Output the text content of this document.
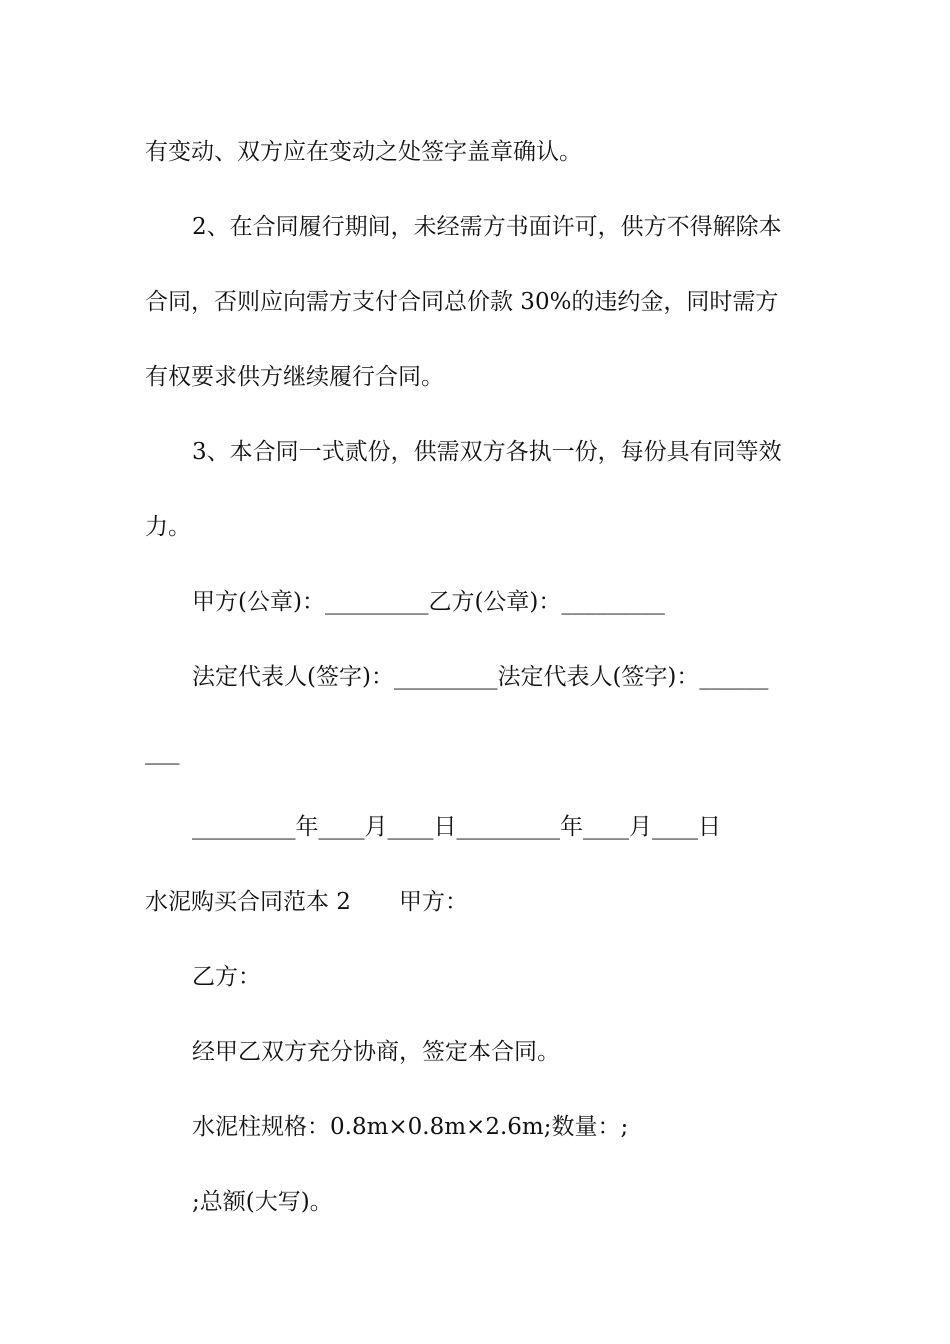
有变动、双方应在变动之处签字盖章确认。
2、在合同履行期间，未经需方书面许可，供方不得解除本
合同，否则应向需方支付合同总价款 30%的违约金，同时需方
有权要求供方继续履行合同。
3、本合同一式贰份，供需双方各执一份，每份具有同等效
力。
甲方(公章)：_________乙方(公章)：_________
法定代表人(签字)：_________法定代表人(签字)：______
___
_________年____月____日_________年____月____日
水泥购买合同范本 2 甲方：
乙方：
经甲乙双方充分协商，签定本合同。
水泥柱规格：0.8m×0.8m×2.6m;数量：;
;总额(大写)。
